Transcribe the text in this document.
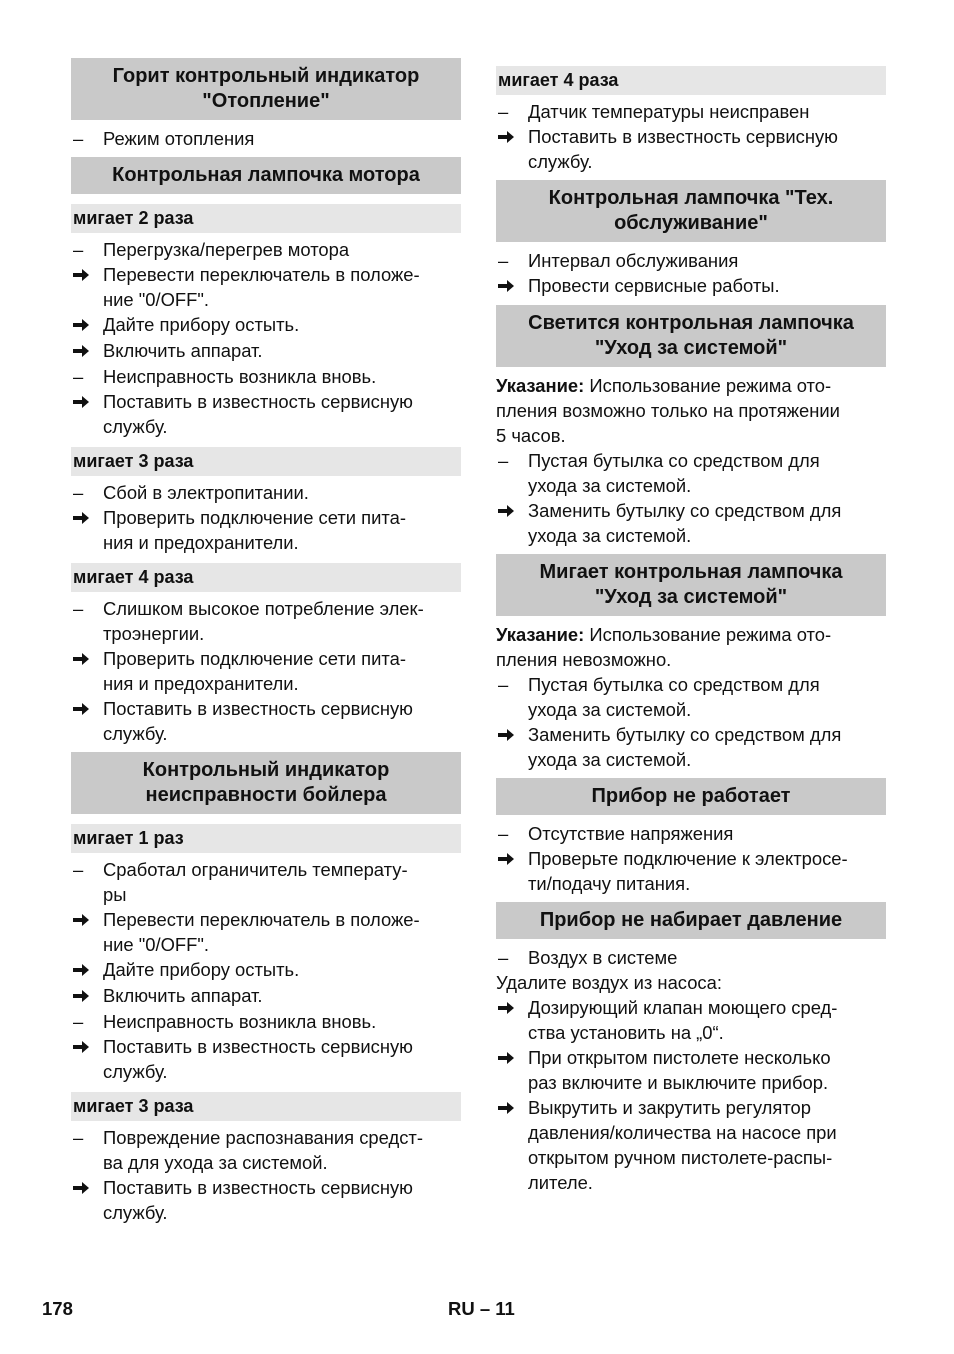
Горит контрольный индикатор
"Отопление"
–	Режим отопления
Контрольная лампочка мотора
мигает 2 раза
–	Перегрузка/перегрев мотора
Перевести переключатель в положе-
ние "0/OFF".
Дайте прибору остыть.
Включить аппарат.
–	Неисправность возникла вновь.
Поставить в известность сервисную
службу.
мигает 3 раза
–	Сбой в электропитании.
Проверить подключение сети пита-
ния и предохранители.
мигает 4 раза
–	Слишком высокое потребление элек-
троэнергии.
Проверить подключение сети пита-
ния и предохранители.
Поставить в известность сервисную
службу.
Контрольный индикатор
неисправности бойлера
мигает 1 раз
–	Сработал ограничитель температу-
ры
Перевести переключатель в положе-
ние "0/OFF".
Дайте прибору остыть.
Включить аппарат.
–	Неисправность возникла вновь.
Поставить в известность сервисную
службу.
мигает 3 раза
–	Повреждение распознавания средст-
ва для ухода за системой.
Поставить в известность сервисную
службу.
мигает 4 раза
–	Датчик температуры неисправен
Поставить в известность сервисную
службу.
Контрольная лампочка "Тех.
обслуживание"
–	Интервал обслуживания
Провести сервисные работы.
Светится контрольная лампочка
"Уход за системой"
Указание: Использование режима ото-
пления возможно только на протяжении
5 часов.
–	Пустая бутылка со средством для
ухода за системой.
Заменить бутылку со средством для
ухода за системой.
Мигает контрольная лампочка
"Уход за системой"
Указание: Использование режима ото-
пления невозможно.
–	Пустая бутылка со средством для
ухода за системой.
Заменить бутылку со средством для
ухода за системой.
Прибор не работает
–	Отсутствие напряжения
Проверьте подключение к электросе-
ти/подачу питания.
Прибор не набирает давление
–	Воздух в системе
Удалите воздух из насоса:
Дозирующий клапан моющего сред-
ства установить на „0“.
При открытом пистолете несколько
раз включите и выключите прибор.
Выкрутить и закрутить регулятор
давления/количества на насосе при
открытом ручном пистолете-распы-
лителе.
178	RU – 11
